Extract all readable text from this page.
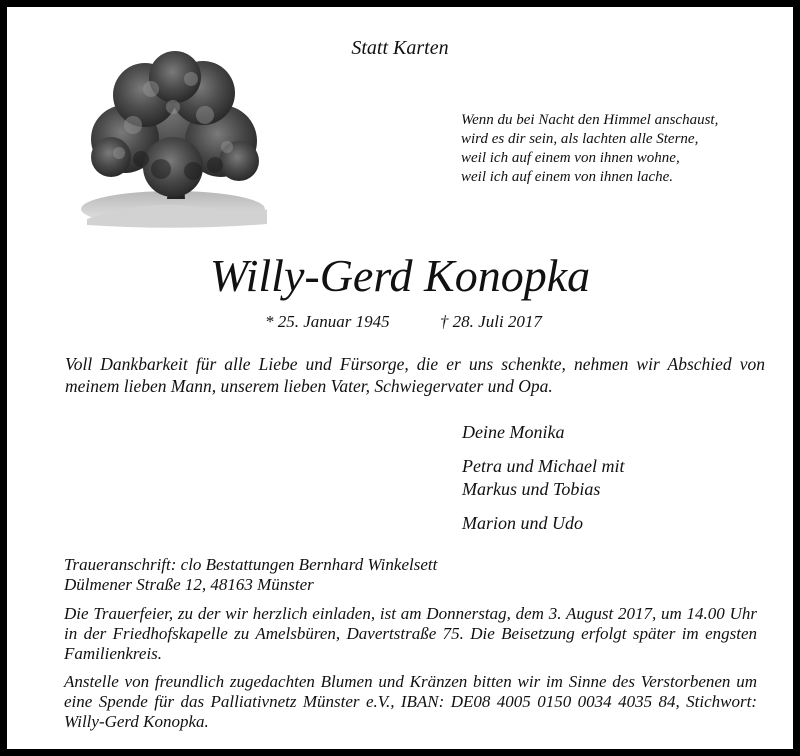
Statt Karten
Wenn du bei Nacht den Himmel anschaust,
wird es dir sein, als lachten alle Sterne,
weil ich auf einem von ihnen wohne,
weil ich auf einem von ihnen lache.
Willy-Gerd Konopka
* 25. Januar 1945	† 28. Juli 2017
Voll Dankbarkeit für alle Liebe und Fürsorge, die er uns schenkte, nehmen wir Abschied von meinem lieben Mann, unserem lieben Vater, Schwiegervater und Opa.
Deine Monika
Petra und Michael mit
Markus und Tobias
Marion und Udo
Traueranschrift: clo Bestattungen Bernhard Winkelsett
Dülmener Straße 12, 48163 Münster
Die Trauerfeier, zu der wir herzlich einladen, ist am Donnerstag, dem 3. August 2017, um 14.00 Uhr in der Friedhofskapelle zu Amelsbüren, Davertstraße 75. Die Beisetzung erfolgt später im engsten Familienkreis.
Anstelle von freundlich zugedachten Blumen und Kränzen bitten wir im Sinne des Verstorbenen um eine Spende für das Palliativnetz Münster e.V., IBAN: DE08 4005 0150 0034 4035 84, Stichwort: Willy-Gerd Konopka.
